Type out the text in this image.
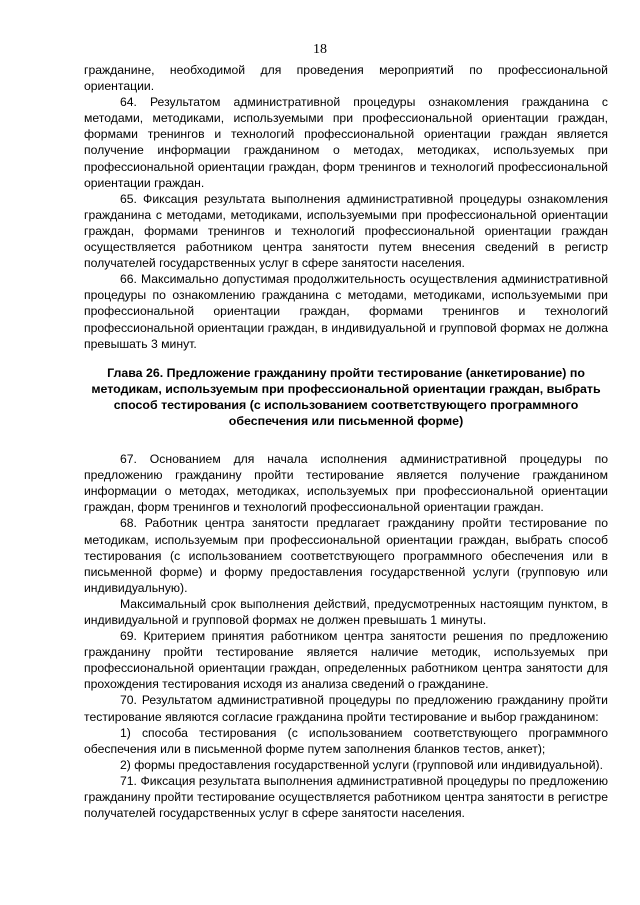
18

гражданине, необходимой для проведения мероприятий по профессиональной ориентации.

64. Результатом административной процедуры ознакомления гражданина с методами, методиками, используемыми при профессиональной ориентации граждан, формами тренингов и технологий профессиональной ориентации граждан является получение информации гражданином о методах, методиках, используемых при профессиональной ориентации граждан, форм тренингов и технологий профессиональной ориентации граждан.

65. Фиксация результата выполнения административной процедуры ознакомления гражданина с методами, методиками, используемыми при профессиональной ориентации граждан, формами тренингов и технологий профессиональной ориентации граждан осуществляется работником центра занятости путем внесения сведений в регистр получателей государственных услуг в сфере занятости населения.

66. Максимально допустимая продолжительность осуществления административной процедуры по ознакомлению гражданина с методами, методиками, используемыми при профессиональной ориентации граждан, формами тренингов и технологий профессиональной ориентации граждан, в индивидуальной и групповой формах не должна превышать 3 минут.

Глава 26. Предложение гражданину пройти тестирование (анкетирование) по методикам, используемым при профессиональной ориентации граждан, выбрать способ тестирования (с использованием соответствующего программного обеспечения или письменной форме)

67. Основанием для начала исполнения административной процедуры по предложению гражданину пройти тестирование является получение гражданином информации о методах, методиках, используемых при профессиональной ориентации граждан, форм тренингов и технологий профессиональной ориентации граждан.

68. Работник центра занятости предлагает гражданину пройти тестирование по методикам, используемым при профессиональной ориентации граждан, выбрать способ тестирования (с использованием соответствующего программного обеспечения или в письменной форме) и форму предоставления государственной услуги (групповую или индивидуальную).

Максимальный срок выполнения действий, предусмотренных настоящим пунктом, в индивидуальной и групповой формах не должен превышать 1 минуты.

69. Критерием принятия работником центра занятости решения по предложению гражданину пройти тестирование является наличие методик, используемых при профессиональной ориентации граждан, определенных работником центра занятости для прохождения тестирования исходя из анализа сведений о гражданине.

70. Результатом административной процедуры по предложению гражданину пройти тестирование являются согласие гражданина пройти тестирование и выбор гражданином:

1) способа тестирования (с использованием соответствующего программного обеспечения или в письменной форме путем заполнения бланков тестов, анкет);

2) формы предоставления государственной услуги (групповой или индивидуальной).

71. Фиксация результата выполнения административной процедуры по предложению гражданину пройти тестирование осуществляется работником центра занятости в регистре получателей государственных услуг в сфере занятости населения.
